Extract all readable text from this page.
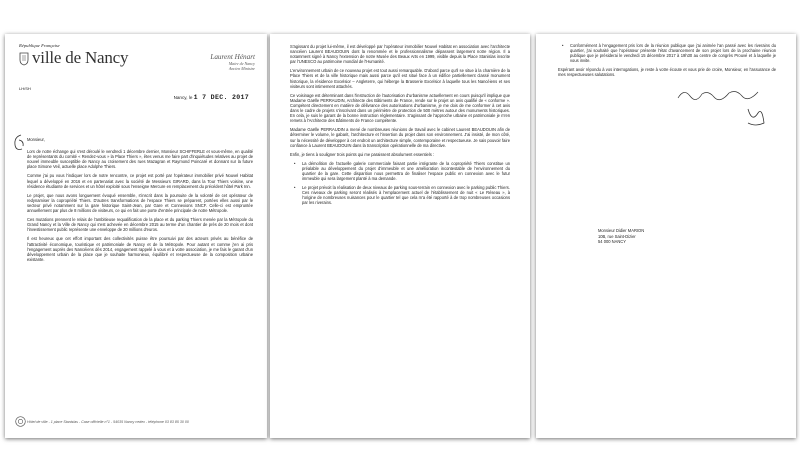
République Française
ville de Nancy	Laurent Hénart
Maire de Nancy
Ancien Ministre
LH/SH
Nancy, le 1 7 DEC. 2017

Monsieur,

Lors de notre échange qui s'est déroulé le vendredi 1 décembre dernier, Monsieur SCHIFFERLE et vous-même, en qualité de représentants du comité « Rendez-vous » la Place Thiers », êtes venus me faire part d'inquiétudes relatives au projet de nouvel immeuble susceptible de Nancy au croisement des rues Mazagran et Raymond Poincaré et donnant sur la future place Simone Veil, actuelle place Adolphe Thiers.

Comme j'ai pu vous l'indiquer lors de notre rencontre, ce projet est porté par l'opérateur immobilier privé Nouvel Habitat lequel a développé en 2016 et en partenariat avec la société de Messieurs GIRARD, dans la Tour Thiers voisine, une résidence étudiante de services et un hôtel exploité sous l'enseigne Mercure en remplacement du précédent hôtel Park Inn.

Le projet, que nous avons longuement évoqué ensemble, s'inscrit dans la poursuite de la volonté de cet opérateur de redynamiser la copropriété Thiers. D'autres transformations de l'espace Thiers se préparent, portées elles aussi par le secteur privé notamment sur la gare historique Saint-Jean, par Gare et Connexions SNCF. Celle-ci est empruntée annuellement par plus de 8 millions de visiteurs, ce qui en fait une porte d'entrée principale de notre Métropole.

Ces mutations prennent le relais de l'ambitieuse requalification de la place et du parking Thiers menée par la Métropole du Grand Nancy et la Ville de Nancy qui s'est achevée en décembre 2015 au terme d'un chantier de près de 20 mois et dont l'investissement public représente une enveloppe de 20 millions d'euros.

Il est heureux que cet effort important des collectivités puisse être poursuivi par des acteurs privés au bénéfice de l'attractivité économique, touristique et patrimoniale de Nancy et de la Métropole. Pour autant et comme j'en ai pris l'engagement auprès des Nancéiens dès 2014, engagement rappelé à vous et à votre association, je me fais le garant d'un développement urbain de la place que je souhaite harmonieux, équilibré et respectueuse de la composition urbaine existante.

Hôtel de ville - 1 place Stanislas - Case officielle n°1 - 54035 Nancy cedex - téléphone 03 83 85 30 00

S'agissant du projet lui-même, il est développé par l'opérateur immobilier Nouvel Habitat en association avec l'architecte nancéien Laurent BEAUDOUIN dont la renommée et le professionnalisme dépassent largement notre région. Il a notamment signé à Nancy l'extension de notre Musée des Beaux Arts en 1999, visible depuis la Place Stanislas inscrite par l'UNESCO au patrimoine mondial de l'Humanité.

L'environnement urbain de ce nouveau projet est tout aussi remarquable. D'abord parce qu'il se situe à la charnière de la Place Thiers et de la ville historique mais aussi parce qu'il est situé face à un édifice partiellement classé monument historique, la résidence Excelsior – Angleterre, qui héberge la Brasserie Excelsior à laquelle tous les Nancéiens et ses visiteurs sont intimement attachés.

Ce voisinage est déterminant dans l'instruction de l'autorisation d'urbanisme actuellement en cours puisqu'il implique que Madame Gaëlle PERRAUDIN, Architecte des Bâtiments de France, rende sur le projet un avis qualifié de « conforme ». Compétent directement en matière de délivrance des autorisations d'urbanisme, je me dois de me conformer à cet avis dans le cadre de projets s'inscrivant dans un périmètre de protection de 500 mètres autour des monuments historiques. En cela, je suis le garant de la bonne instruction réglementaire. S'agissant de l'approche urbaine et patrimoniale je m'en remets à l'Architecte des Bâtiments de France compétente.

Madame Gaëlle PERRAUDIN a mené de nombreuses réunions de travail avec le cabinet Laurent BEAUDOUIN afin de déterminer le volume, le gabarit, l'architecture et l'insertion du projet dans son environnement. J'ai insisté, de mon côté, sur la nécessité de développer à cet endroit un architecture simple, contemporaine et respectueuse. Je sais pouvoir faire confiance à Laurent BEAUDOUIN dans la transcription opérationnelle de ma directive.

Enfin, je tiens à souligner trois points qui me paraissent absolument essentiels :

• La démolition de l'actuelle galerie commerciale faisant partie intégrante de la copropriété Thiers constitue un préalable au développement du projet d'immeuble et une amélioration incontestable de l'environnement du quartier de la gare. Cette disparition nous permettra de finaliser l'espace public en connexion avec le futur immeuble qui sera largement planté à ma demande.

• Le projet prévoit la réalisation de deux niveaux de parking sous-terrain en connexion avec le parking public Thiers. Ces niveaux de parking seront réalisés à l'emplacement actuel de l'établissement de nuit « Le Réseau », à l'origine de nombreuses nuisances pour le quartier tel que cela m'a été rapporté à de trop nombreuses occasions par les riverains.

• Conformément à l'engagement pris lors de la réunion publique que j'ai animée l'an passé avec les riverains du quartier, j'ai souhaité que l'opérateur présente l'état d'avancement de son projet lors de la prochaine réunion publique que je présiderai le vendredi 15 décembre 2017 à 19h30 au centre de congrès Prouvé et à laquelle je vous invite.

Espérant avoir répondu à vos interrogations, je reste à votre écoute et vous prie de croire, Monsieur, en l'assurance de mes respectueuses salutations.

Monsieur Didier MARION
10B, rue Saint-Dizier
54 000 NANCY
